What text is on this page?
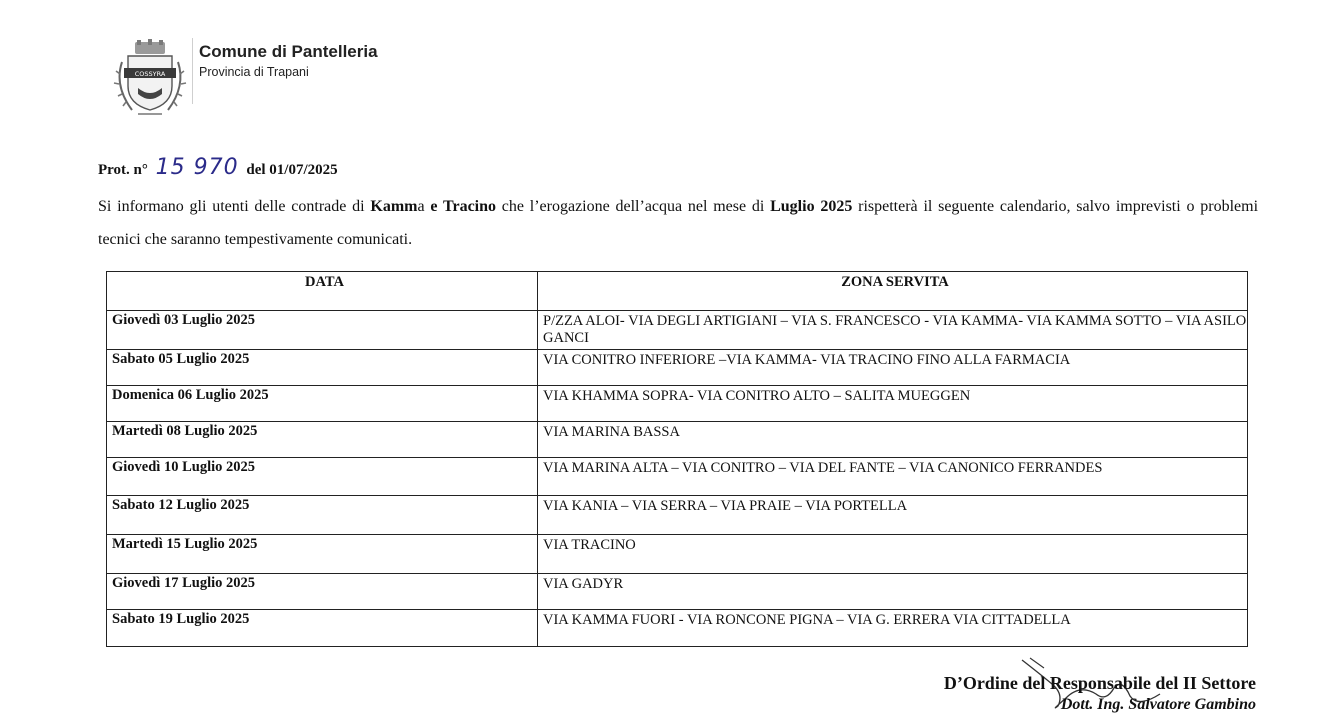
COSSYRA
Comune di Pantelleria
Provincia di Trapani
Prot. n° 15 970 del 01/07/2025
Si informano gli utenti delle contrade di Kamma e Tracino che l’erogazione dell’acqua nel mese di Luglio 2025 rispetterà il seguente calendario, salvo imprevisti o problemi tecnici che saranno tempestivamente comunicati.
DATA	ZONA SERVITA
Giovedì 03 Luglio 2025	P/ZZA ALOI- VIA DEGLI ARTIGIANI – VIA S. FRANCESCO - VIA KAMMA- VIA KAMMA SOTTO – VIA ASILO GANCI
Sabato 05 Luglio 2025	VIA CONITRO INFERIORE –VIA KAMMA- VIA TRACINO FINO ALLA FARMACIA
Domenica 06 Luglio 2025	VIA KHAMMA SOPRA- VIA CONITRO ALTO – SALITA MUEGGEN
Martedì 08 Luglio 2025	VIA MARINA BASSA
Giovedì 10 Luglio 2025	VIA MARINA ALTA – VIA CONITRO – VIA DEL FANTE – VIA CANONICO FERRANDES
Sabato 12 Luglio 2025	VIA KANIA – VIA SERRA – VIA PRAIE – VIA PORTELLA
Martedì 15 Luglio 2025	VIA TRACINO
Giovedì 17 Luglio 2025	VIA GADYR
Sabato 19 Luglio 2025	VIA KAMMA FUORI - VIA RONCONE PIGNA – VIA G. ERRERA VIA CITTADELLA
D’Ordine del Responsabile del II Settore
Dott. Ing. Salvatore Gambino
